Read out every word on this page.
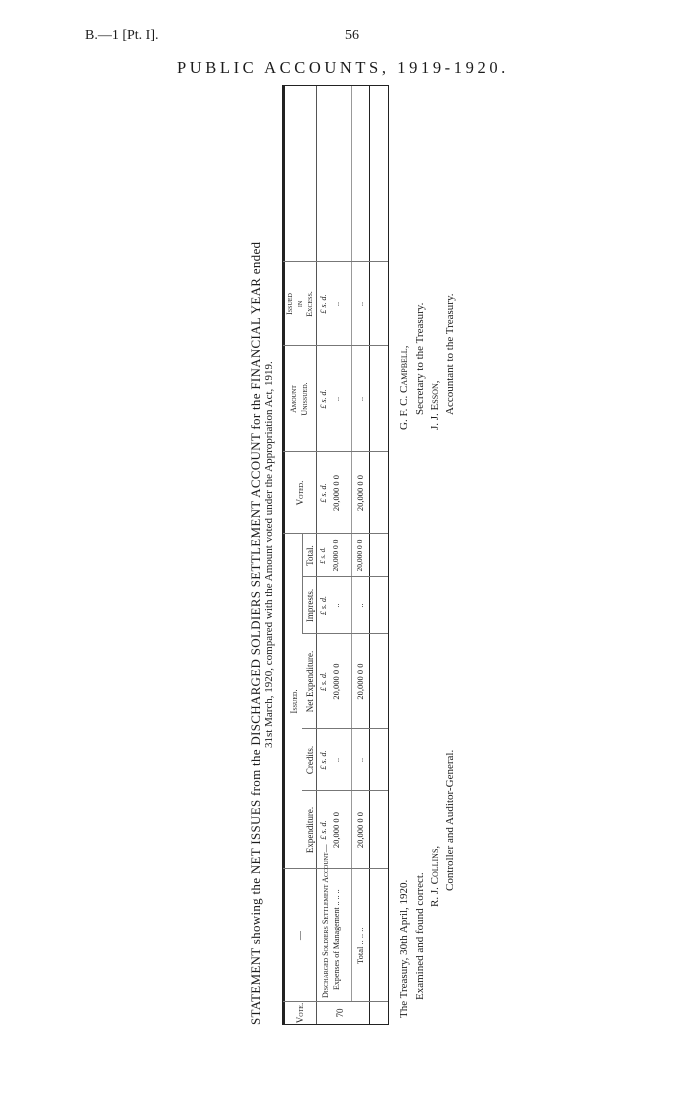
B.—1 [Pt. I].	56
PUBLIC ACCOUNTS, 1919-1920.
STATEMENT showing the NET ISSUES from the DISCHARGED SOLDIERS SETTLEMENT ACCOUNT for the FINANCIAL YEAR ended 31st March, 1920, compared with the Amount voted under the Appropriation Act, 1919.
Vote.
—
Issued.
Expenditure.
Credits.
Net Expenditure.
Imprests.
Total.
Voted.
Amount Unissued.
Issued in Excess.
£ s. d.
£ s. d.
£ s. d.
£ s. d.
£ s. d.
£ s. d.
£ s. d.
£ s. d.
70
Discharged Soldiers Settlement Account— Expenses of Management .. .. ..
20,000 0 0
..
20,000 0 0
..
20,000 0 0
20,000 0 0
..
..
Total .. .. ..
20,000 0 0
..
20,000 0 0
..
20,000 0 0
20,000 0 0
..
..
The Treasury, 30th April, 1920. Examined and found correct. R. J. Collins, Controller and Auditor-General.
G. F. C. Campbell, Secretary to the Treasury. J. J. Esson, Accountant to the Treasury.
